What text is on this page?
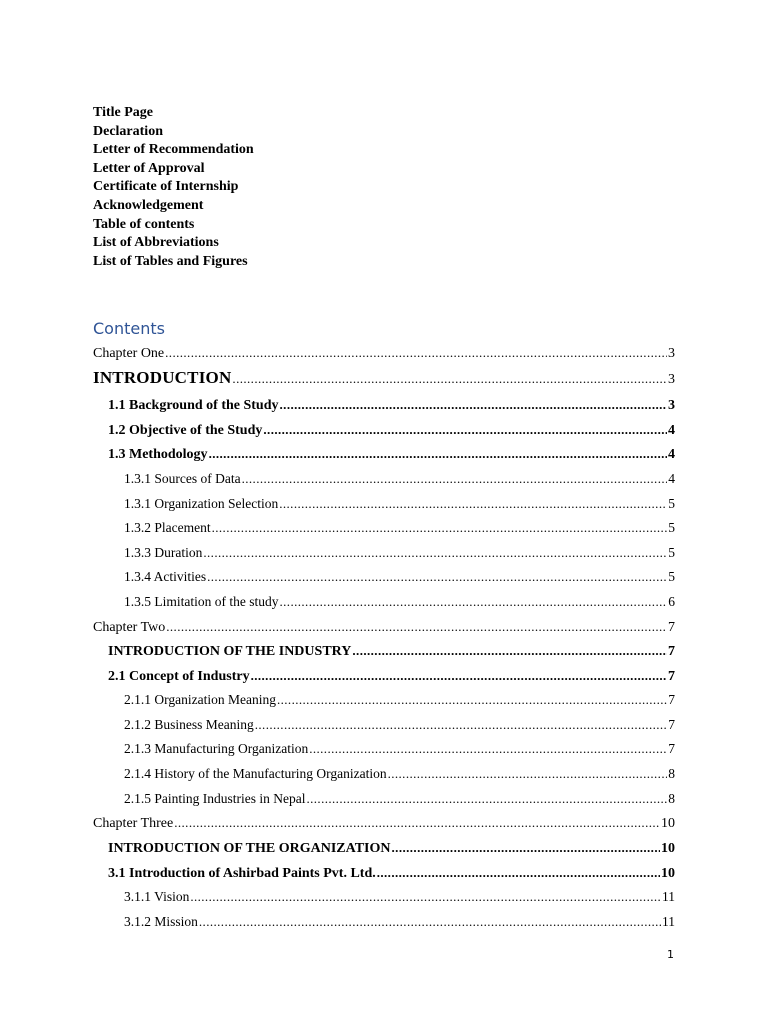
Title Page
Declaration
Letter of Recommendation
Letter of Approval
Certificate of Internship
Acknowledgement
Table of contents
List of Abbreviations
List of Tables and Figures
Contents
Chapter One .....	3
INTRODUCTION .....	3
1.1 Background of the Study .....	3
1.2 Objective of the Study .....	4
1.3 Methodology .....	4
1.3.1 Sources of Data .....	4
1.3.1 Organization Selection .....	5
1.3.2 Placement .....	5
1.3.3 Duration .....	5
1.3.4 Activities .....	5
1.3.5 Limitation of the study .....	6
Chapter Two .....	7
INTRODUCTION OF THE INDUSTRY .....	7
2.1 Concept of Industry .....	7
2.1.1 Organization Meaning .....	7
2.1.2 Business Meaning .....	7
2.1.3 Manufacturing Organization .....	7
2.1.4 History of the Manufacturing Organization .....	8
2.1.5 Painting Industries in Nepal .....	8
Chapter Three .....	10
INTRODUCTION OF THE ORGANIZATION .....	10
3.1 Introduction of Ashirbad Paints Pvt. Ltd. .....	10
3.1.1 Vision .....	11
3.1.2 Mission .....	11
1
